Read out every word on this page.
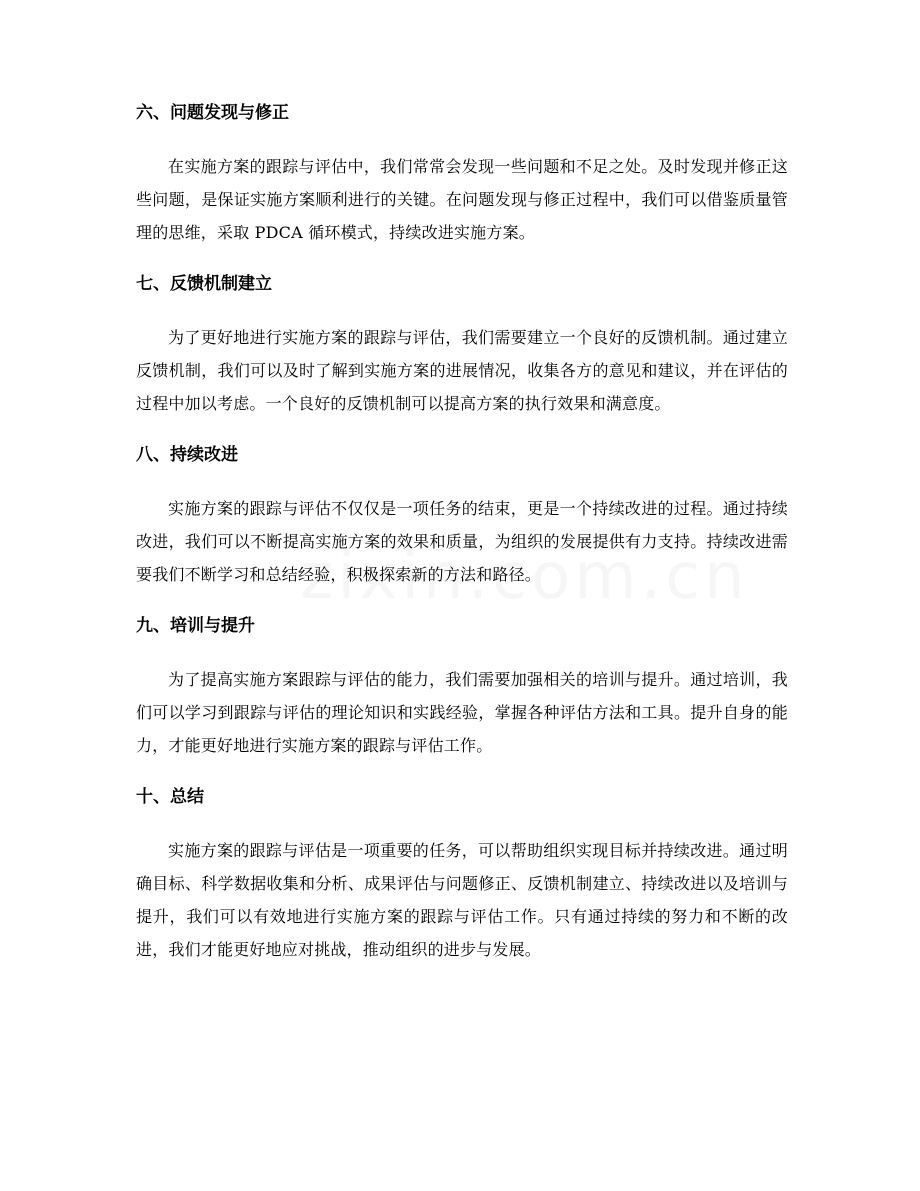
六、问题发现与修正

在实施方案的跟踪与评估中，我们常常会发现一些问题和不足之处。及时发现并修正这些问题，是保证实施方案顺利进行的关键。在问题发现与修正过程中，我们可以借鉴质量管理的思维，采取 PDCA 循环模式，持续改进实施方案。

七、反馈机制建立

为了更好地进行实施方案的跟踪与评估，我们需要建立一个良好的反馈机制。通过建立反馈机制，我们可以及时了解到实施方案的进展情况，收集各方的意见和建议，并在评估的过程中加以考虑。一个良好的反馈机制可以提高方案的执行效果和满意度。

八、持续改进

实施方案的跟踪与评估不仅仅是一项任务的结束，更是一个持续改进的过程。通过持续改进，我们可以不断提高实施方案的效果和质量，为组织的发展提供有力支持。持续改进需要我们不断学习和总结经验，积极探索新的方法和路径。

九、培训与提升

为了提高实施方案跟踪与评估的能力，我们需要加强相关的培训与提升。通过培训，我们可以学习到跟踪与评估的理论知识和实践经验，掌握各种评估方法和工具。提升自身的能力，才能更好地进行实施方案的跟踪与评估工作。

十、总结

实施方案的跟踪与评估是一项重要的任务，可以帮助组织实现目标并持续改进。通过明确目标、科学数据收集和分析、成果评估与问题修正、反馈机制建立、持续改进以及培训与提升，我们可以有效地进行实施方案的跟踪与评估工作。只有通过持续的努力和不断的改进，我们才能更好地应对挑战，推动组织的进步与发展。
